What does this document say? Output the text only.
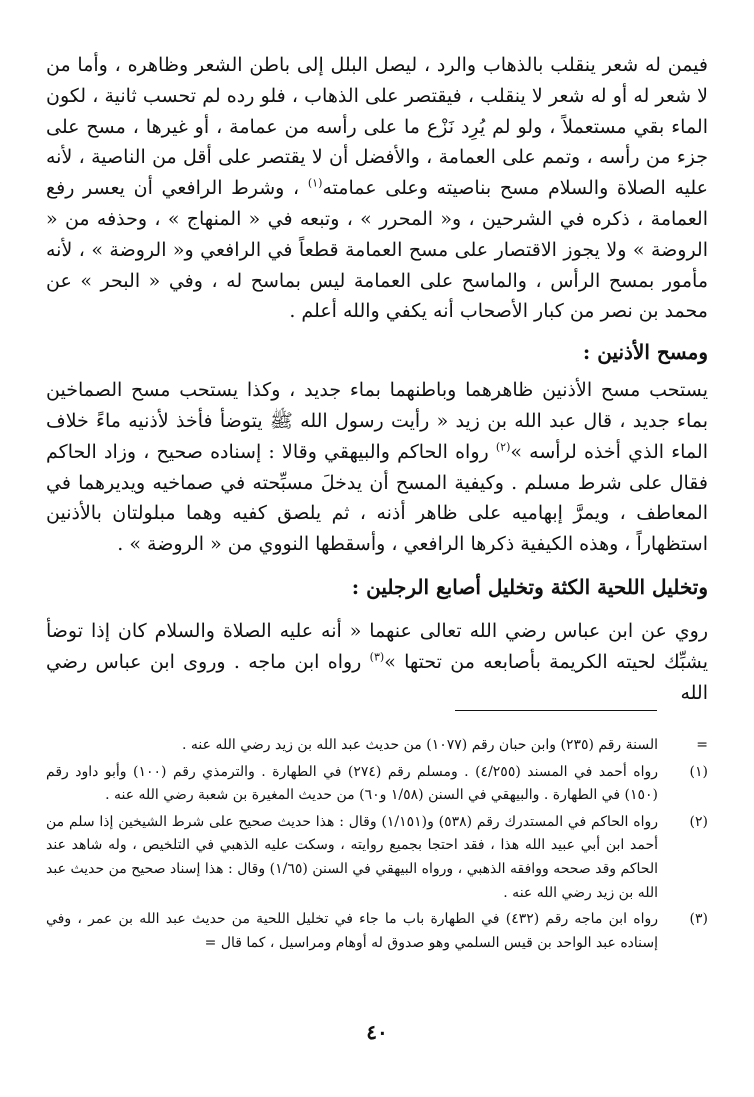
فيمن له شعر ينقلب بالذهاب والرد ، ليصل البلل إلى باطن الشعر وظاهره ، وأما من لا شعر له أو له شعر لا ينقلب ، فيقتصر على الذهاب ، فلو رده لم تحسب ثانية ، لكون الماء بقي مستعملاً ، ولو لم يُرِد نَزْع ما على رأسه من عمامة ، أو غيرها ، مسح على جزء من رأسه ، وتمم على العمامة ، والأفضل أن لا يقتصر على أقل من الناصية ، لأنه عليه الصلاة والسلام مسح بناصيته وعلى عمامته$^{(١)}$ ، وشرط الرافعي أن يعسر رفع العمامة ، ذكره في الشرحين ، و« المحرر » ، وتبعه في « المنهاج » ، وحذفه من « الروضة » ولا يجوز الاقتصار على مسح العمامة قطعاً في الرافعي و« الروضة » ، لأنه مأمور بمسح الرأس ، والماسح على العمامة ليس بماسح له ، وفي « البحر » عن محمد بن نصر من كبار الأصحاب أنه يكفي والله أعلم .

ومسح الأذنين :

يستحب مسح الأذنين ظاهرهما وباطنهما بماء جديد ، وكذا يستحب مسح الصماخين بماء جديد ، قال عبد الله بن زيد « رأيت رسول الله ﷺ يتوضأ فأخذ لأذنيه ماءً خلاف الماء الذي أخذه لرأسه »$^{(٢)}$ رواه الحاكم والبيهقي وقالا : إسناده صحيح ، وزاد الحاكم فقال على شرط مسلم . وكيفية المسح أن يدخلَ مسبِّحته في صماخيه ويديرهما في المعاطف ، ويمرَّ إبهاميه على ظاهر أذنه ، ثم يلصق كفيه وهما مبلولتان بالأذنين استظهاراً ، وهذه الكيفية ذكرها الرافعي ، وأسقطها النووي من « الروضة » .

وتخليل اللحية الكثة وتخليل أصابع الرجلين :

روي عن ابن عباس رضي الله تعالى عنهما « أنه عليه الصلاة والسلام كان إذا توضأ يشبِّك لحيته الكريمة بأصابعه من تحتها »$^{(٣)}$ رواه ابن ماجه . وروى ابن عباس رضي الله

=
السنة رقم (٢٣٥) وابن حبان رقم (١٠٧٧) من حديث عبد الله بن زيد رضي الله عنه .
(١)
رواه أحمد في المسند (٤/٢٥٥) . ومسلم رقم (٢٧٤) في الطهارة . والترمذي رقم (١٠٠) وأبو داود رقم (١٥٠) في الطهارة . والبيهقي في السنن (١/٥٨ و٦٠) من حديث المغيرة بن شعبة رضي الله عنه .
(٢)
رواه الحاكم في المستدرك رقم (٥٣٨) و(١/١٥١) وقال : هذا حديث صحيح على شرط الشيخين إذا سلم من أحمد ابن أبي عبيد الله هذا ، فقد احتجا بجميع روايته ، وسكت عليه الذهبي في التلخيص ، وله شاهد عند الحاكم وقد صححه ووافقه الذهبي ، ورواه البيهقي في السنن (١/٦٥) وقال : هذا إسناد صحيح من حديث عبد الله بن زيد رضي الله عنه .
(٣)
رواه ابن ماجه رقم (٤٣٢) في الطهارة باب ما جاء في تخليل اللحية من حديث عبد الله بن عمر ، وفي إسناده عبد الواحد بن قيس السلمي وهو صدوق له أوهام ومراسيل ، كما قال =
٤٠
